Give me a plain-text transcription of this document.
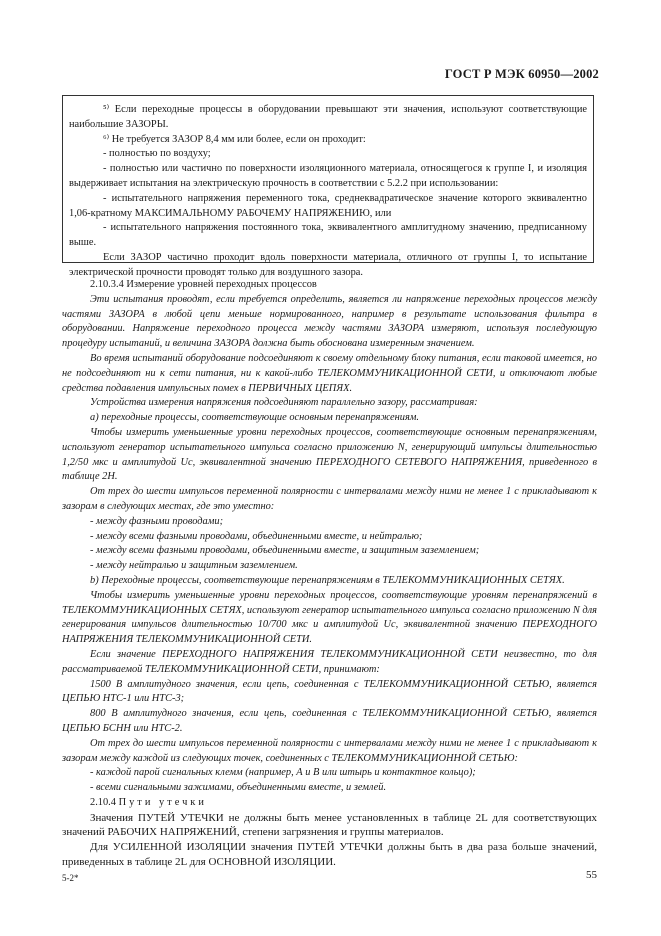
ГОСТ Р МЭК 60950—2002

⁵⁾ Если переходные процессы в оборудовании превышают эти значения, используют соответствующие наибольшие ЗАЗОРЫ.

⁶⁾ Не требуется ЗАЗОР 8,4 мм или более, если он проходит:

- полностью по воздуху;

- полностью или частично по поверхности изоляционного материала, относящегося к группе I, и изоляция выдерживает испытания на электрическую прочность в соответствии с 5.2.2 при использовании:

- испытательного напряжения переменного тока, среднеквадратическое значение которого эквивалентно 1,06-кратному МАКСИМАЛЬНОМУ РАБОЧЕМУ НАПРЯЖЕНИЮ, или

- испытательного напряжения постоянного тока, эквивалентного амплитудному значению, предписанному выше.

Если ЗАЗОР частично проходит вдоль поверхности материала, отличного от группы I, то испытание электрической прочности проводят только для воздушного зазора.

2.10.3.4 Измерение уровней переходных процессов

Эти испытания проводят, если требуется определить, является ли напряжение переходных процессов между частями ЗАЗОРА в любой цепи меньше нормированного, например в результате использования фильтра в оборудовании. Напряжение переходного процесса между частями ЗАЗОРА измеряют, используя последующую процедуру испытаний, и величина ЗАЗОРА должна быть обоснована измеренным значением.

Во время испытаний оборудование подсоединяют к своему отдельному блоку питания, если таковой имеется, но не подсоединяют ни к сети питания, ни к какой-либо ТЕЛЕКОММУНИКАЦИОННОЙ СЕТИ, и отключают любые средства подавления импульсных помех в ПЕРВИЧНЫХ ЦЕПЯХ.

Устройства измерения напряжения подсоединяют параллельно зазору, рассматривая:

а) переходные процессы, соответствующие основным перенапряжениям.

Чтобы измерить уменьшенные уровни переходных процессов, соответствующие основным перенапряжениям, используют генератор испытательного импульса согласно приложению N, генерирующий импульсы длительностью 1,2/50 мкс и амплитудой Uс, эквивалентной значению ПЕРЕХОДНОГО СЕТЕВОГО НАПРЯЖЕНИЯ, приведенного в таблице 2H.

От трех до шести импульсов переменной полярности с интервалами между ними не менее 1 с прикладывают к зазорам в следующих местах, где это уместно:

- между фазными проводами;

- между всеми фазными проводами, объединенными вместе, и нейтралью;

- между всеми фазными проводами, объединенными вместе, и защитным заземлением;

- между нейтралью и защитным заземлением.

b) Переходные процессы, соответствующие перенапряжениям в ТЕЛЕКОММУНИКАЦИОННЫХ СЕТЯХ.

Чтобы измерить уменьшенные уровни переходных процессов, соответствующие уровням перенапряжений в ТЕЛЕКОММУНИКАЦИОННЫХ СЕТЯХ, используют генератор испытательного импульса согласно приложению N для генерирования импульсов длительностью 10/700 мкс и амплитудой Uс, эквивалентной значению ПЕРЕХОДНОГО НАПРЯЖЕНИЯ ТЕЛЕКОММУНИКАЦИОННОЙ СЕТИ.

Если значение ПЕРЕХОДНОГО НАПРЯЖЕНИЯ ТЕЛЕКОММУНИКАЦИОННОЙ СЕТИ неизвестно, то для рассматриваемой ТЕЛЕКОММУНИКАЦИОННОЙ СЕТИ, принимают:

1500 В амплитудного значения, если цепь, соединенная с ТЕЛЕКОММУНИКАЦИОННОЙ СЕТЬЮ, является ЦЕПЬЮ НТС-1 или НТС-3;

800 В амплитудного значения, если цепь, соединенная с ТЕЛЕКОММУНИКАЦИОННОЙ СЕТЬЮ, является ЦЕПЬЮ БСНН или НТС-2.

От трех до шести импульсов переменной полярности с интервалами между ними не менее 1 с прикладывают к зазорам между каждой из следующих точек, соединенных с ТЕЛЕКОММУНИКАЦИОННОЙ СЕТЬЮ:

- каждой парой сигнальных клемм (например, А и В или штырь и контактное кольцо);

- всеми сигнальными зажимами, объединенными вместе, и землей.

2.10.4 Пути утечки

Значения ПУТЕЙ УТЕЧКИ не должны быть менее установленных в таблице 2L для соответствующих значений РАБОЧИХ НАПРЯЖЕНИЙ, степени загрязнения и группы материалов.

Для УСИЛЕННОЙ ИЗОЛЯЦИИ значения ПУТЕЙ УТЕЧКИ должны быть в два раза больше значений, приведенных в таблице 2L для ОСНОВНОЙ ИЗОЛЯЦИИ.

5-2*	55
